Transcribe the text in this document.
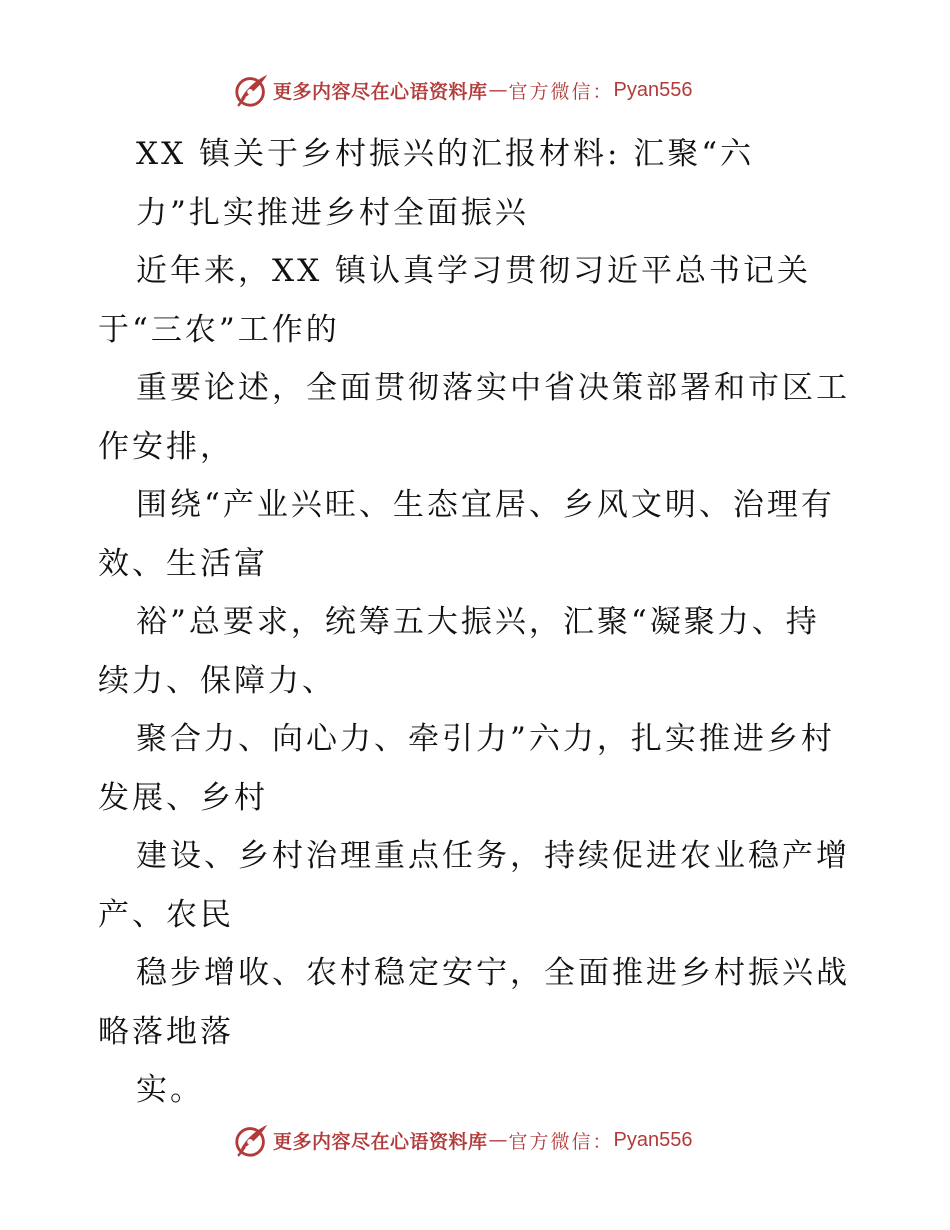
更多内容尽在心语资料库 — 官方微信： Pyan556
XX 镇关于乡村振兴的汇报材料: 汇聚“六
力”扎实推进乡村全面振兴
近年来，XX 镇认真学习贯彻习近平总书记关
于“三农”工作的
重要论述，全面贯彻落实中省决策部署和市区工
作安排，
围绕“产业兴旺、生态宜居、乡风文明、治理有
效、生活富
裕”总要求，统筹五大振兴，汇聚“凝聚力、持
续力、保障力、
聚合力、向心力、牵引力”六力，扎实推进乡村
发展、乡村
建设、乡村治理重点任务，持续促进农业稳产增
产、农民
稳步增收、农村稳定安宁，全面推进乡村振兴战
略落地落
实。
更多内容尽在心语资料库 — 官方微信： Pyan556
